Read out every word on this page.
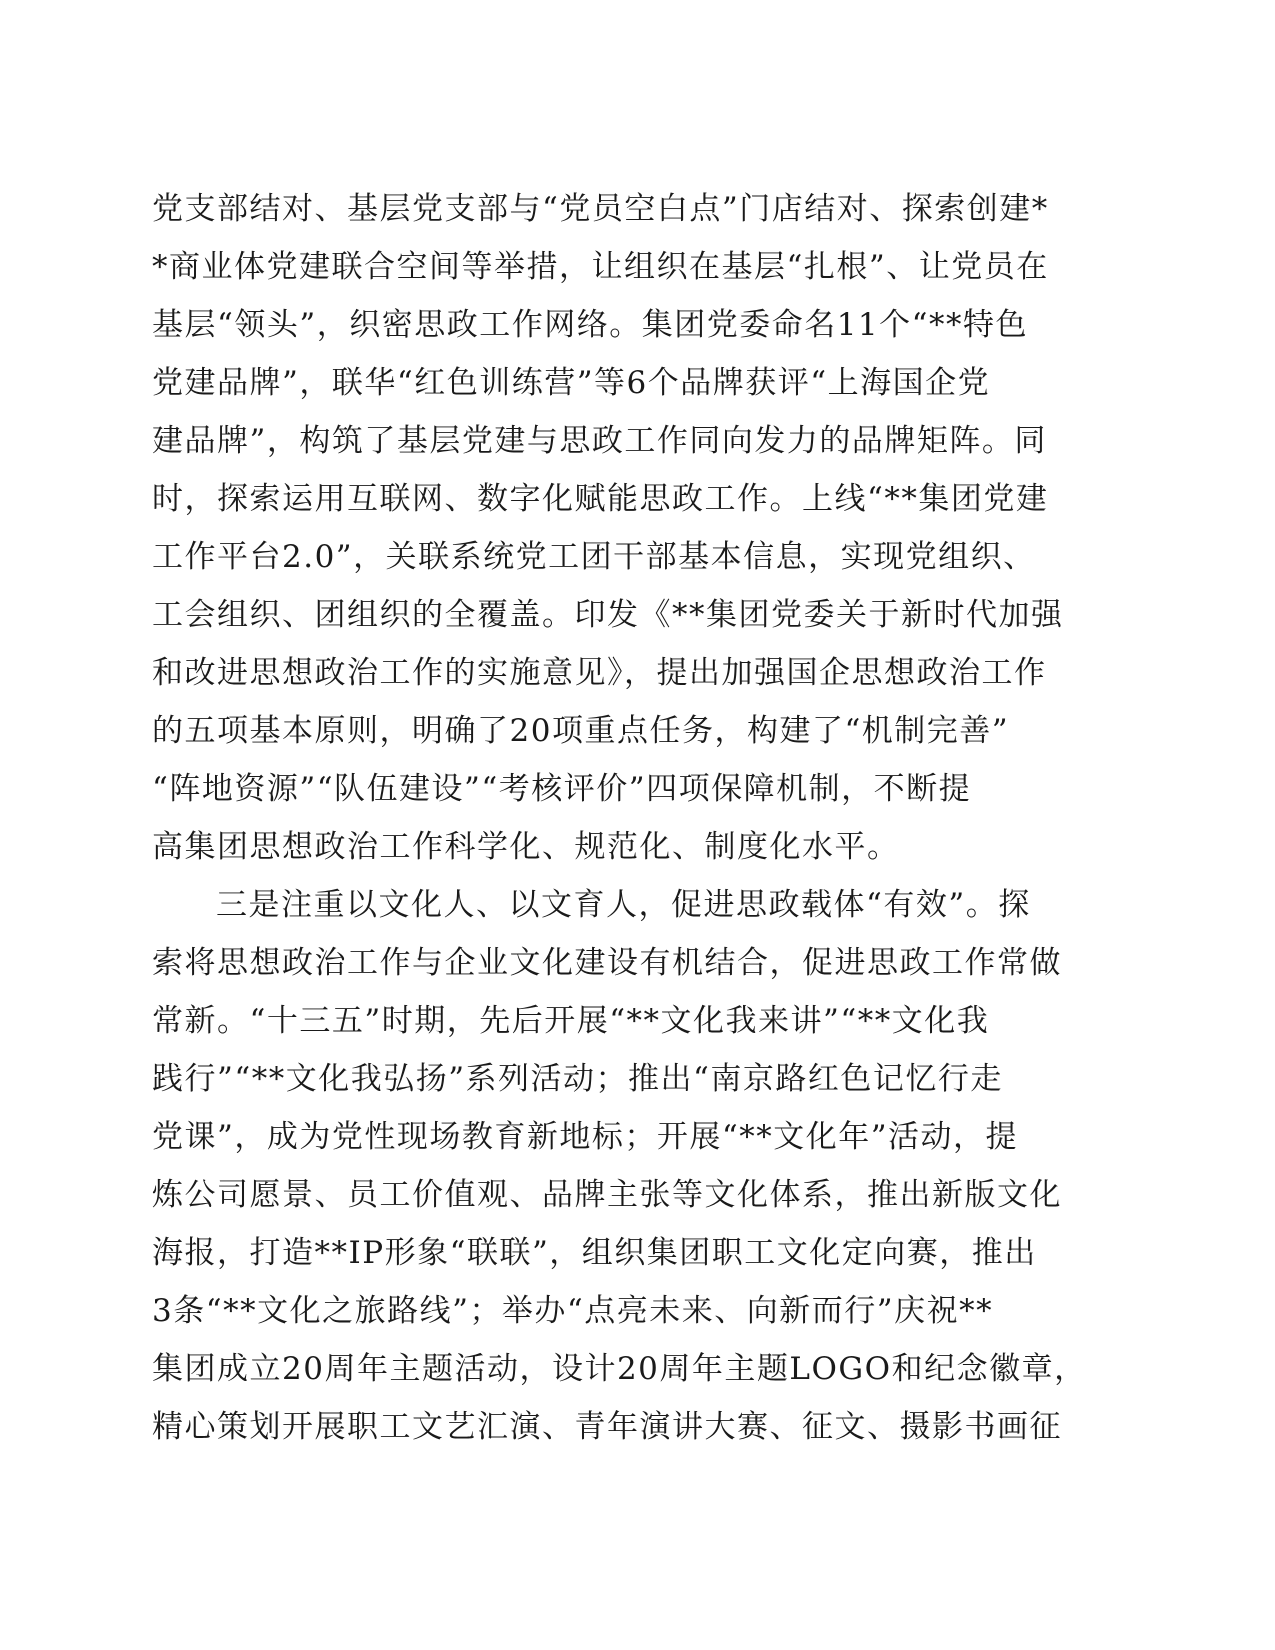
党支部结对、基层党支部与“党员空白点”门店结对、探索创建*
*商业体党建联合空间等举措，让组织在基层“扎根”、让党员在
基层“领头”，织密思政工作网络。集团党委命名11个“**特色
党建品牌”，联华“红色训练营”等6个品牌获评“上海国企党
建品牌”，构筑了基层党建与思政工作同向发力的品牌矩阵。同
时，探索运用互联网、数字化赋能思政工作。上线“**集团党建
工作平台2.0”，关联系统党工团干部基本信息，实现党组织、
工会组织、团组织的全覆盖。印发《**集团党委关于新时代加强
和改进思想政治工作的实施意见》，提出加强国企思想政治工作
的五项基本原则，明确了20项重点任务，构建了“机制完善”
“阵地资源”“队伍建设”“考核评价”四项保障机制，不断提
高集团思想政治工作科学化、规范化、制度化水平。
三是注重以文化人、以文育人，促进思政载体“有效”。探
索将思想政治工作与企业文化建设有机结合，促进思政工作常做
常新。“十三五”时期，先后开展“**文化我来讲”“**文化我
践行”“**文化我弘扬”系列活动；推出“南京路红色记忆行走
党课”，成为党性现场教育新地标；开展“**文化年”活动，提
炼公司愿景、员工价值观、品牌主张等文化体系，推出新版文化
海报，打造**IP形象“联联”，组织集团职工文化定向赛，推出
3条“**文化之旅路线”；举办“点亮未来、向新而行”庆祝**
集团成立20周年主题活动，设计20周年主题LOGO和纪念徽章，
精心策划开展职工文艺汇演、青年演讲大赛、征文、摄影书画征
